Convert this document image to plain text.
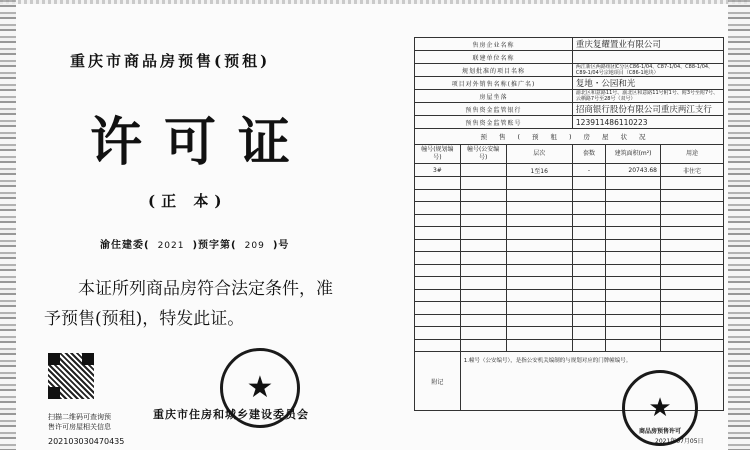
重庆市商品房预售(预租)
许可证
(正 本)
渝住建委( 2021 )预字第( 209 )号
本证所列商品房符合法定条件，准予预售(预租)，特发此证。
扫描二维码可查询预
售许可房屋相关信息
20210303047043​5
★
重庆市住房和城乡建设委员会
售房企业名称			重庆复耀置业有限公司		
联建单位名称					
规划批准的项目名称			两江新区两路组团C分区C86-1/04、C87-1/04、C88-1/04、C89-1/04号宗地项目（C86-1地块）		
项目对外销售名称(推广名)			复地・公园和光		
房屋坐落			渝北区和意路11号、渝北区和意路11号附1号、附3号至附7号、云栖路7号至28号（双号）		
预售资金监管银行			招商银行股份有限公司重庆两江支行		
预售资金监管账号			123911486110223		
预售(预租)房屋状况					
幢号(规划编号)	幢号(公安编号)	层次	套数	建筑面积(m²)	用途
3#		1至16	-	20743.68	非住宅

附记	1.幢号（公安编号），是指公安机关编制的与规划对应的门牌幢编号。				
★
商品房预售许可
2021年07月05日
